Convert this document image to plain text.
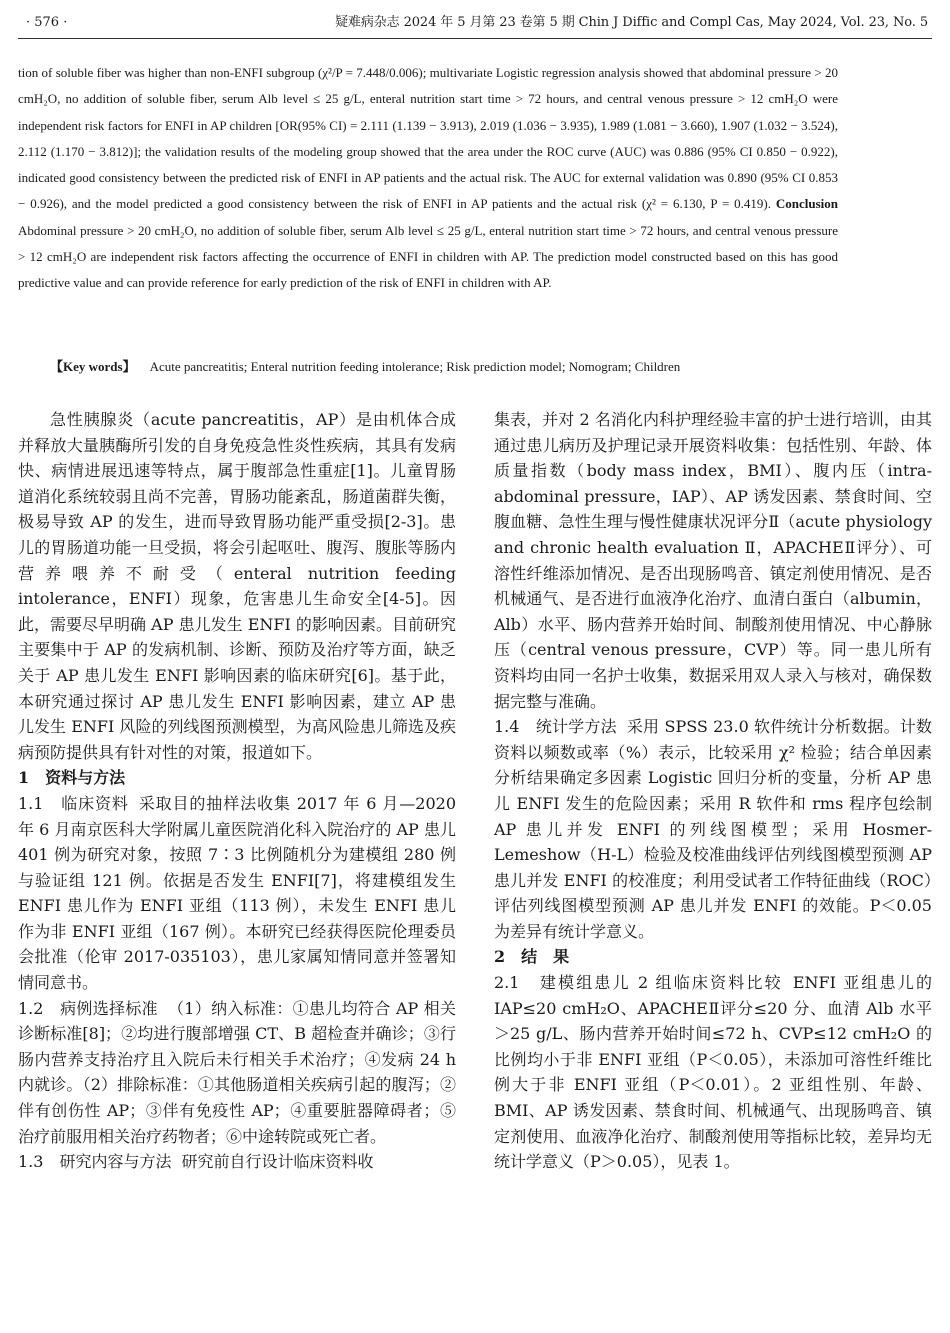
· 576 ·	疑难病杂志 2024 年 5 月第 23 卷第 5 期 Chin J Diffic and Compl Cas, May 2024, Vol. 23, No. 5

tion of soluble fiber was higher than non-ENFI subgroup (χ²/P = 7.448/0.006); multivariate Logistic regression analysis showed that abdominal pressure > 20 cmH₂O, no addition of soluble fiber, serum Alb level ≤ 25 g/L, enteral nutrition start time > 72 hours, and central venous pressure > 12 cmH₂O were independent risk factors for ENFI in AP children [OR(95% CI) = 2.111 (1.139 − 3.913), 2.019 (1.036 − 3.935), 1.989 (1.081 − 3.660), 1.907 (1.032 − 3.524), 2.112 (1.170 − 3.812)]; the validation results of the modeling group showed that the area under the ROC curve (AUC) was 0.886 (95% CI 0.850 − 0.922), indicated good consistency between the predicted risk of ENFI in AP patients and the actual risk. The AUC for external validation was 0.890 (95% CI 0.853 − 0.926), and the model predicted a good consistency between the risk of ENFI in AP patients and the actual risk (χ² = 6.130, P = 0.419). Conclusion Abdominal pressure > 20 cmH₂O, no addition of soluble fiber, serum Alb level ≤ 25 g/L, enteral nutrition start time > 72 hours, and central venous pressure > 12 cmH₂O are independent risk factors affecting the occurrence of ENFI in children with AP. The prediction model constructed based on this has good predictive value and can provide reference for early prediction of the risk of ENFI in children with AP.

【Key words】 Acute pancreatitis; Enteral nutrition feeding intolerance; Risk prediction model; Nomogram; Children

急性胰腺炎（acute pancreatitis，AP）是由机体合成并释放大量胰酶所引发的自身免疫急性炎性疾病，其具有发病快、病情进展迅速等特点，属于腹部急性重症[1]。儿童胃肠道消化系统较弱且尚不完善，胃肠功能紊乱，肠道菌群失衡，极易导致 AP 的发生，进而导致胃肠功能严重受损[2-3]。患儿的胃肠道功能一旦受损，将会引起呕吐、腹泻、腹胀等肠内营养喂养不耐受（enteral nutrition feeding intolerance，ENFI）现象，危害患儿生命安全[4-5]。因此，需要尽早明确 AP 患儿发生 ENFI 的影响因素。目前研究主要集中于 AP 的发病机制、诊断、预防及治疗等方面，缺乏关于 AP 患儿发生 ENFI 影响因素的临床研究[6]。基于此，本研究通过探讨 AP 患儿发生 ENFI 影响因素，建立 AP 患儿发生 ENFI 风险的列线图预测模型，为高风险患儿筛选及疾病预防提供具有针对性的对策，报道如下。

1　资料与方法

1.1　临床资料 采取目的抽样法收集 2017 年 6 月—2020 年 6 月南京医科大学附属儿童医院消化科入院治疗的 AP 患儿 401 例为研究对象，按照 7∶3 比例随机分为建模组 280 例与验证组 121 例。依据是否发生 ENFI[7]，将建模组发生 ENFI 患儿作为 ENFI 亚组（113 例），未发生 ENFI 患儿作为非 ENFI 亚组（167 例）。本研究已经获得医院伦理委员会批准（伦审 2017-035103），患儿家属知情同意并签署知情同意书。

1.2　病例选择标准 （1）纳入标准：①患儿均符合 AP 相关诊断标准[8]；②均进行腹部增强 CT、B 超检查并确诊；③行肠内营养支持治疗且入院后未行相关手术治疗；④发病 24 h 内就诊。（2）排除标准：①其他肠道相关疾病引起的腹泻；②伴有创伤性 AP；③伴有免疫性 AP；④重要脏器障碍者；⑤治疗前服用相关治疗药物者；⑥中途转院或死亡者。

1.3　研究内容与方法 研究前自行设计临床资料收

集表，并对 2 名消化内科护理经验丰富的护士进行培训，由其通过患儿病历及护理记录开展资料收集：包括性别、年龄、体质量指数（body mass index，BMI）、腹内压（intra-abdominal pressure，IAP）、AP 诱发因素、禁食时间、空腹血糖、急性生理与慢性健康状况评分Ⅱ（acute physiology and chronic health evaluation Ⅱ，APACHEⅡ评分）、可溶性纤维添加情况、是否出现肠鸣音、镇定剂使用情况、是否机械通气、是否进行血液净化治疗、血清白蛋白（albumin，Alb）水平、肠内营养开始时间、制酸剂使用情况、中心静脉压（central venous pressure，CVP）等。同一患儿所有资料均由同一名护士收集，数据采用双人录入与核对，确保数据完整与准确。

1.4　统计学方法 采用 SPSS 23.0 软件统计分析数据。计数资料以频数或率（%）表示，比较采用 χ² 检验；结合单因素分析结果确定多因素 Logistic 回归分析的变量，分析 AP 患儿 ENFI 发生的危险因素；采用 R 软件和 rms 程序包绘制 AP 患儿并发 ENFI 的列线图模型；采用 Hosmer-Lemeshow（H-L）检验及校准曲线评估列线图模型预测 AP 患儿并发 ENFI 的校准度；利用受试者工作特征曲线（ROC）评估列线图模型预测 AP 患儿并发 ENFI 的效能。P＜0.05 为差异有统计学意义。

2　结　果

2.1　建模组患儿 2 组临床资料比较 ENFI 亚组患儿的 IAP≤20 cmH₂O、APACHEⅡ评分≤20 分、血清 Alb 水平＞25 g/L、肠内营养开始时间≤72 h、CVP≤12 cmH₂O 的比例均小于非 ENFI 亚组（P＜0.05），未添加可溶性纤维比例大于非 ENFI 亚组（P＜0.01）。2 亚组性别、年龄、BMI、AP 诱发因素、禁食时间、机械通气、出现肠鸣音、镇定剂使用、血液净化治疗、制酸剂使用等指标比较，差异均无统计学意义（P＞0.05），见表 1。
